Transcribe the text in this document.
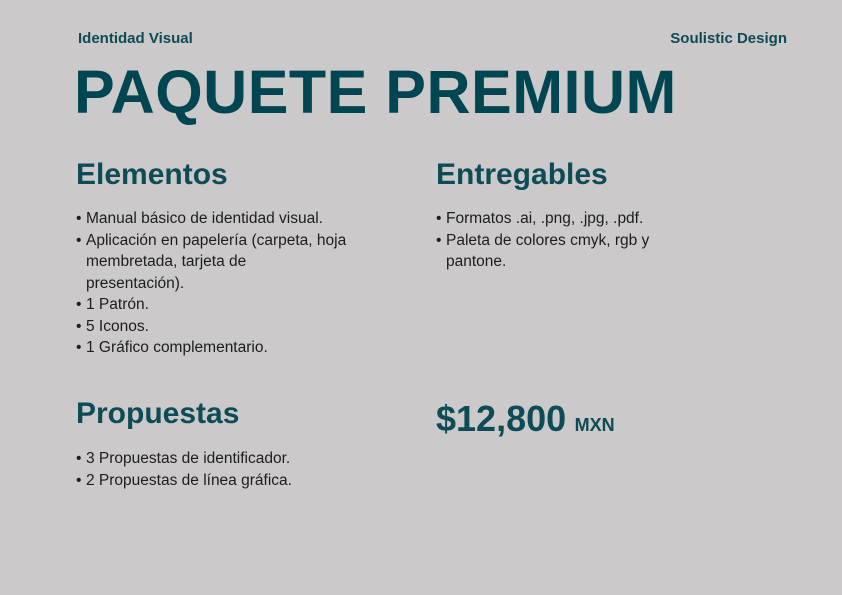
Identidad Visual	Soulistic Design
PAQUETE PREMIUM
Elementos
• Manual básico de identidad visual.
• Aplicación en papelería (carpeta, hoja membretada, tarjeta de presentación).
• 1 Patrón.
• 5 Iconos.
• 1 Gráfico complementario.
Entregables
• Formatos .ai, .png, .jpg, .pdf.
• Paleta de colores cmyk, rgb y pantone.
Propuestas
• 3 Propuestas de identificador.
• 2 Propuestas de línea gráfica.
$12,800 MXN
